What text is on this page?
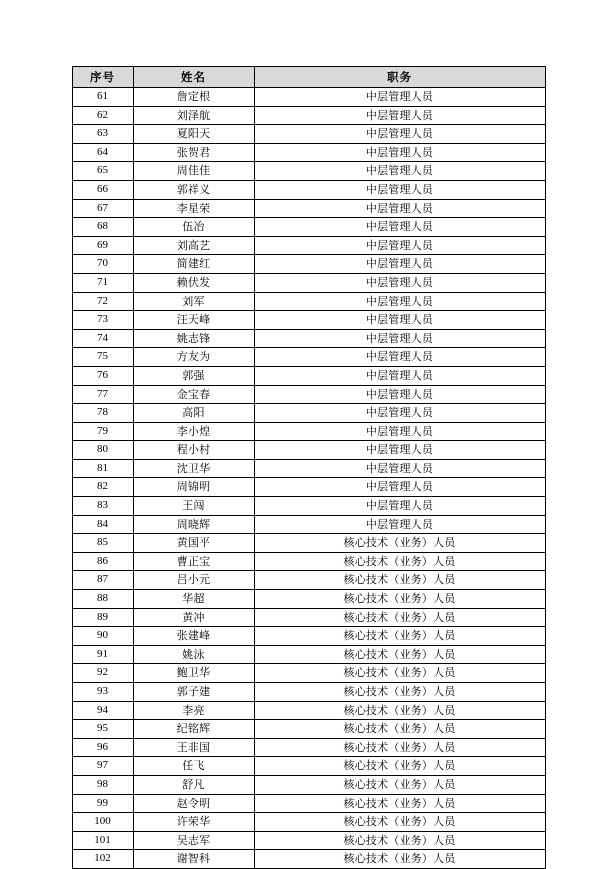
序号	姓名	职务
61	詹定根	中层管理人员
62	刘泽航	中层管理人员
63	夏阳天	中层管理人员
64	张贺君	中层管理人员
65	周佳佳	中层管理人员
66	郭祥义	中层管理人员
67	李星荣	中层管理人员
68	伍冶	中层管理人员
69	刘高艺	中层管理人员
70	简建红	中层管理人员
71	赖伏发	中层管理人员
72	刘军	中层管理人员
73	汪天峰	中层管理人员
74	姚志锋	中层管理人员
75	方友为	中层管理人员
76	郭强	中层管理人员
77	金宝春	中层管理人员
78	高阳	中层管理人员
79	李小煌	中层管理人员
80	程小村	中层管理人员
81	沈卫华	中层管理人员
82	周锦明	中层管理人员
83	王闯	中层管理人员
84	周晓辉	中层管理人员
85	黄国平	核心技术（业务）人员
86	曹正宝	核心技术（业务）人员
87	吕小元	核心技术（业务）人员
88	华超	核心技术（业务）人员
89	黄冲	核心技术（业务）人员
90	张建峰	核心技术（业务）人员
91	姚泳	核心技术（业务）人员
92	鲍卫华	核心技术（业务）人员
93	郭子建	核心技术（业务）人员
94	李亮	核心技术（业务）人员
95	纪铭辉	核心技术（业务）人员
96	王非国	核心技术（业务）人员
97	任飞	核心技术（业务）人员
98	舒凡	核心技术（业务）人员
99	赵令明	核心技术（业务）人员
100	许荣华	核心技术（业务）人员
101	吴志军	核心技术（业务）人员
102	谢智科	核心技术（业务）人员
